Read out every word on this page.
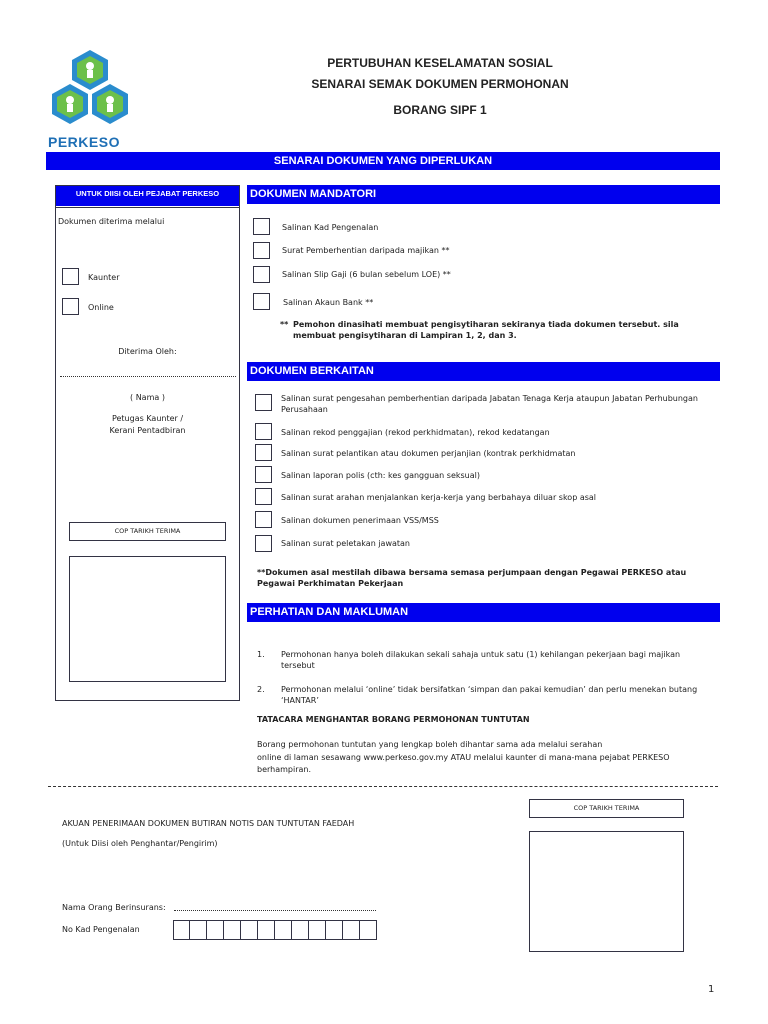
PERKESO
PERTUBUHAN KESELAMATAN SOSIAL
SENARAI SEMAK DOKUMEN PERMOHONAN
BORANG SIPF 1
SENARAI DOKUMEN YANG DIPERLUKAN
UNTUK DIISI OLEH PEJABAT PERKESO
Dokumen diterima melalui
Kaunter
Online
Diterima Oleh:
( Nama )
Petugas Kaunter /
Kerani Pentadbiran
COP TARIKH TERIMA
DOKUMEN MANDATORI
Salinan Kad Pengenalan
Surat Pemberhentian daripada majikan **
Salinan Slip Gaji (6 bulan sebelum LOE) **
Salinan Akaun Bank **
** Pemohon dinasihati membuat pengisytiharan sekiranya tiada dokumen tersebut. sila membuat pengisytiharan di Lampiran 1, 2, dan 3.
DOKUMEN BERKAITAN
Salinan surat pengesahan pemberhentian daripada Jabatan Tenaga Kerja ataupun Jabatan Perhubungan Perusahaan
Salinan rekod penggajian (rekod perkhidmatan), rekod kedatangan
Salinan surat pelantikan atau dokumen perjanjian (kontrak perkhidmatan
Salinan laporan polis (cth: kes gangguan seksual)
Salinan surat arahan menjalankan kerja-kerja yang berbahaya diluar skop asal
Salinan dokumen penerimaan VSS/MSS
Salinan surat peletakan jawatan
**Dokumen asal mestilah dibawa bersama semasa perjumpaan dengan Pegawai PERKESO atau Pegawai Perkhimatan Pekerjaan
PERHATIAN DAN MAKLUMAN
1. Permohonan hanya boleh dilakukan sekali sahaja untuk satu (1) kehilangan pekerjaan bagi majikan tersebut
2. Permohonan melalui ‘online’ tidak bersifatkan ‘simpan dan pakai kemudian’ dan perlu menekan butang ‘HANTAR’
TATACARA MENGHANTAR BORANG PERMOHONAN TUNTUTAN
Borang permohonan tuntutan yang lengkap boleh dihantar sama ada melalui serahan
online di laman sesawang www.perkeso.gov.my ATAU melalui kaunter di mana-mana pejabat PERKESO
berhampiran.
AKUAN PENERIMAAN DOKUMEN BUTIRAN NOTIS DAN TUNTUTAN FAEDAH
(Untuk Diisi oleh Penghantar/Pengirim)
Nama Orang Berinsurans:
No Kad Pengenalan
COP TARIKH TERIMA
1
